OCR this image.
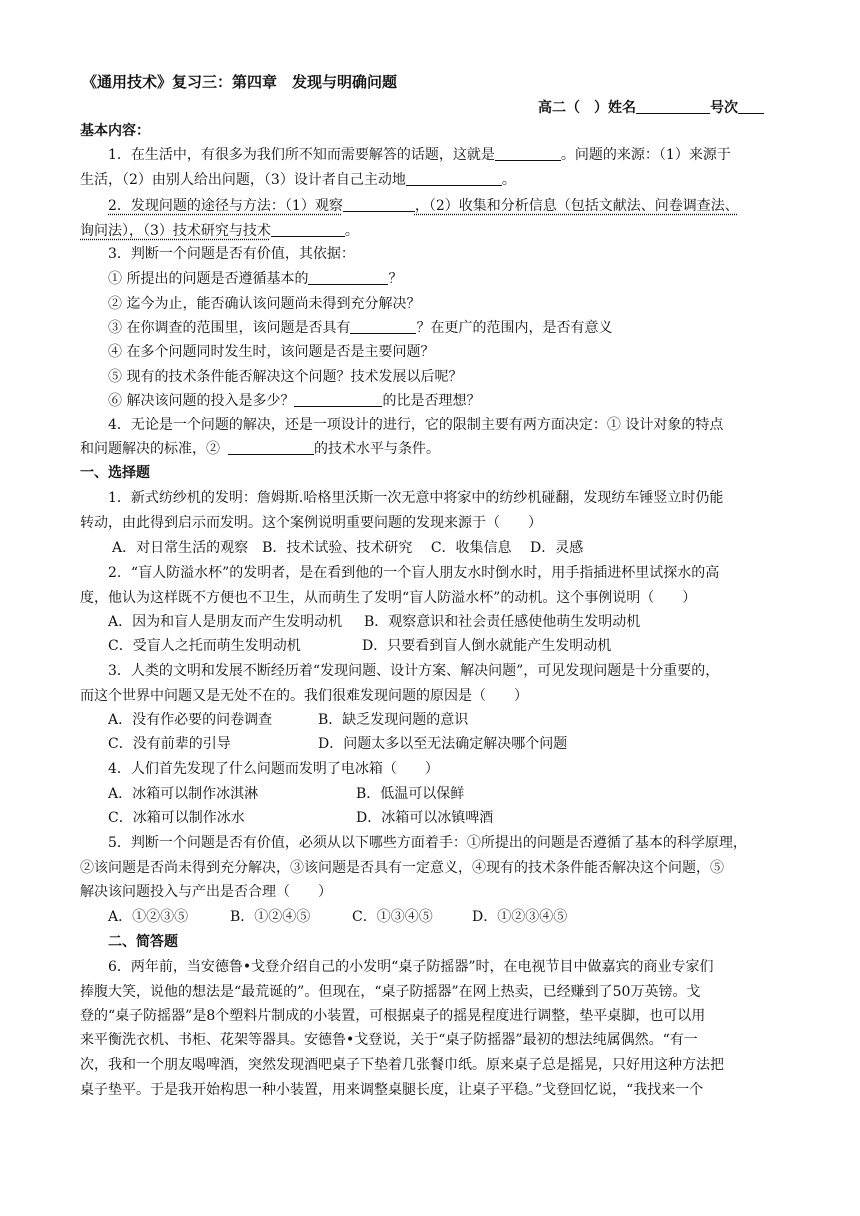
《通用技术》复习三：第四章　发现与明确问题
高二（　）姓名	号次
基本内容：
1．在生活中，有很多为我们所不知而需要解答的话题，这就是	。问题的来源：（1）来源于
生活，（2）由别人给出问题，（3）设计者自己主动地	。
2．发现问题的途径与方法：（1）观察	，（2）收集和分析信息（包括文献法、问卷调查法、
询问法），（3）技术研究与技术	。
3．判断一个问题是否有价值，其依据：
① 所提出的问题是否遵循基本的	？
② 迄今为止，能否确认该问题尚未得到充分解决？
③ 在你调查的范围里，该问题是否具有	？在更广的范围内，是否有意义
④ 在多个问题同时发生时，该问题是否是主要问题？
⑤ 现有的技术条件能否解决这个问题？技术发展以后呢？
⑥ 解决该问题的投入是多少？	的比是否理想？
4．无论是一个问题的解决，还是一项设计的进行，它的限制主要有两方面决定：① 设计对象的特点
和问题解决的标准，②	的技术水平与条件。
一、选择题
1．新式纺纱机的发明：詹姆斯.哈格里沃斯一次无意中将家中的纺纱机碰翻，发现纺车锤竖立时仍能
转动，由此得到启示而发明。这个案例说明重要问题的发现来源于（　　）
A．对日常生活的观察　B．技术试验、技术研究　 C．收集信息　 D．灵感
2．“盲人防溢水杯”的发明者，是在看到他的一个盲人朋友水时倒水时，用手指插进杯里试探水的高
度，他认为这样既不方便也不卫生，从而萌生了发明“盲人防溢水杯”的动机。这个事例说明（　　）
A．因为和盲人是朋友而产生发明动机 B．观察意识和社会责任感使他萌生发明动机
C．受盲人之托而萌生发明动机	D．只要看到盲人倒水就能产生发明动机
3．人类的文明和发展不断经历着“发现问题、设计方案、解决问题”，可见发现问题是十分重要的，
而这个世界中问题又是无处不在的。我们很难发现问题的原因是（　　）
A．没有作必要的问卷调查	B．缺乏发现问题的意识
C．没有前辈的引导	D．问题太多以至无法确定解决哪个问题
4．人们首先发现了什么问题而发明了电冰箱（　　）
A．冰箱可以制作冰淇淋	B．低温可以保鲜
C．冰箱可以制作冰水	D．冰箱可以冰镇啤酒
5．判断一个问题是否有价值，必须从以下哪些方面着手：①所提出的问题是否遵循了基本的科学原理，
②该问题是否尚未得到充分解决，③该问题是否具有一定意义，④现有的技术条件能否解决这个问题，⑤
解决该问题投入与产出是否合理（　　）
A．①②③⑤	B．①②④⑤	C．①③④⑤	D．①②③④⑤
二、简答题
6．两年前，当安德鲁•戈登介绍自己的小发明“桌子防摇器”时，在电视节目中做嘉宾的商业专家们
捧腹大笑，说他的想法是“最荒诞的”。但现在，“桌子防摇器”在网上热卖，已经赚到了50万英镑。戈
登的“桌子防摇器”是8个塑料片制成的小装置，可根据桌子的摇晃程度进行调整，垫平桌脚，也可以用
来平衡洗衣机、书柜、花架等器具。安德鲁•戈登说，关于“桌子防摇器”最初的想法纯属偶然。“有一
次，我和一个朋友喝啤酒，突然发现酒吧桌子下垫着几张餐巾纸。原来桌子总是摇晃，只好用这种方法把
桌子垫平。于是我开始构思一种小装置，用来调整桌腿长度，让桌子平稳。”戈登回忆说，“我找来一个
